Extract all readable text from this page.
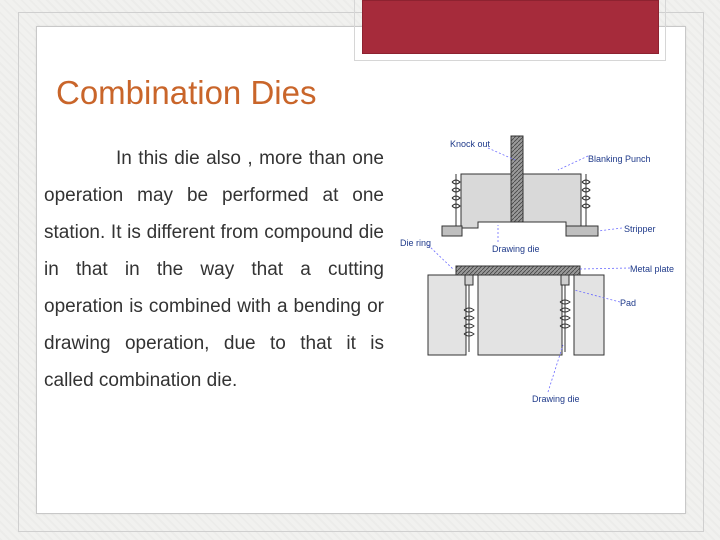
Combination Dies

In this die also , more than one operation may be performed at one station. It is different from compound die in that in the way that a cutting operation is combined with a bending or drawing operation, due to that it is called combination die.

Knock out
Blanking Punch
Stripper
Die ring
Drawing die
Metal plate
Pad
Drawing die
